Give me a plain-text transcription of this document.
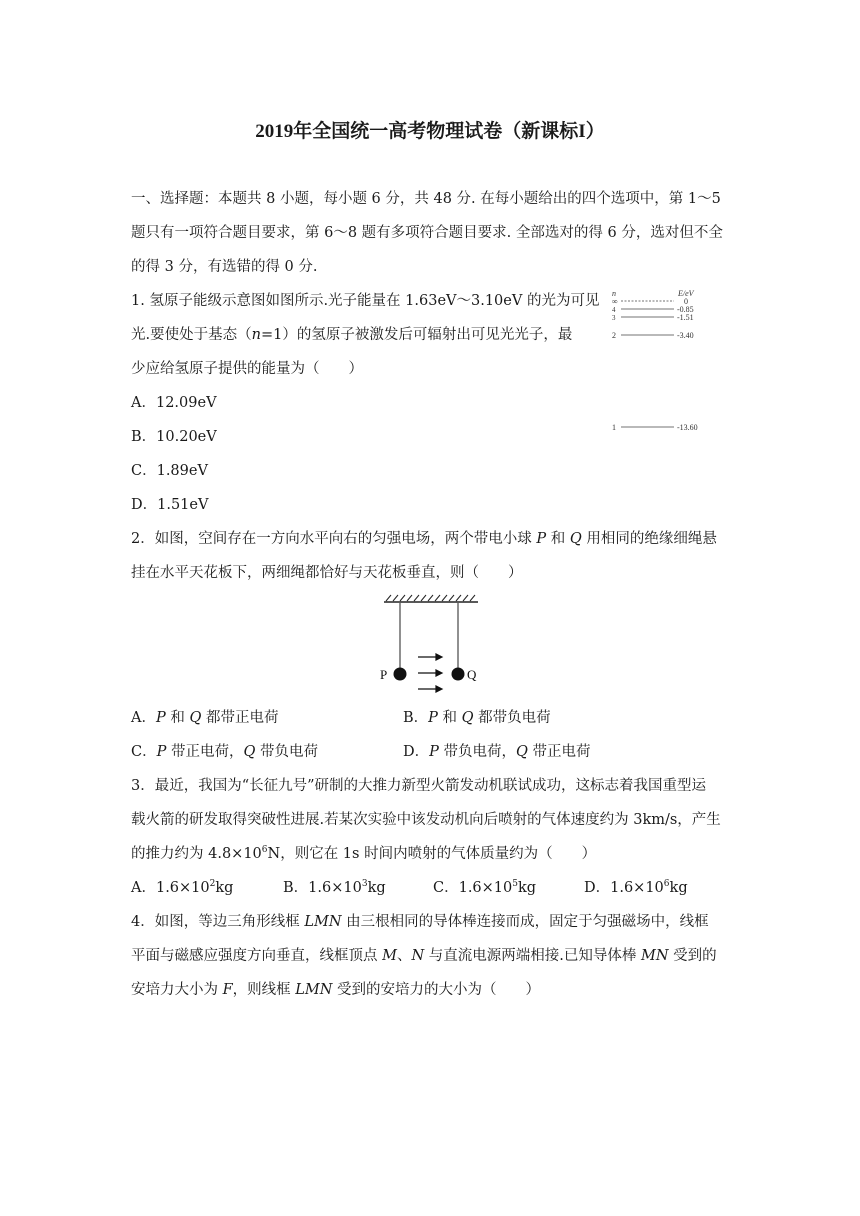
2019年全国统一高考物理试卷（新课标I）
一、选择题：本题共 8 小题，每小题 6 分，共 48 分. 在每小题给出的四个选项中，第 1～5
题只有一项符合题目要求，第 6～8 题有多项符合题目要求. 全部选对的得 6 分，选对但不全
的得 3 分，有选错的得 0 分.
1. 氢原子能级示意图如图所示.光子能量在 1.63eV～3.10eV 的光为可见
光.要使处于基态（n=1）的氢原子被激发后可辐射出可见光光子，最
少应给氢原子提供的能量为（　　）
A．12.09eV
B．10.20eV
C．1.89eV
D．1.51eV
n	E/eV
∞	0
4	-0.85
3	-1.51
2	-3.40
1	-13.60
2．如图，空间存在一方向水平向右的匀强电场，两个带电小球 P 和 Q 用相同的绝缘细绳悬
挂在水平天花板下，两细绳都恰好与天花板垂直，则（　　）
P	Q
A．P 和 Q 都带正电荷	B．P 和 Q 都带负电荷
C．P 带正电荷，Q 带负电荷	D．P 带负电荷，Q 带正电荷
3．最近，我国为“长征九号”研制的大推力新型火箭发动机联试成功，这标志着我国重型运
载火箭的研发取得突破性进展.若某次实验中该发动机向后喷射的气体速度约为 3km/s，产生
的推力约为 $4.8\times 10^6N$，则它在 1s 时间内喷射的气体质量约为（　　）
A．$1.6\times 10^2kg$	B．$1.6\times 10^3kg$	C．$1.6\times 10^5kg$	D．$1.6\times 10^6kg$
4．如图，等边三角形线框 LMN 由三根相同的导体棒连接而成，固定于匀强磁场中，线框
平面与磁感应强度方向垂直，线框顶点 M、N 与直流电源两端相接.已知导体棒 MN 受到的
安培力大小为 F，则线框 LMN 受到的安培力的大小为（　　）
